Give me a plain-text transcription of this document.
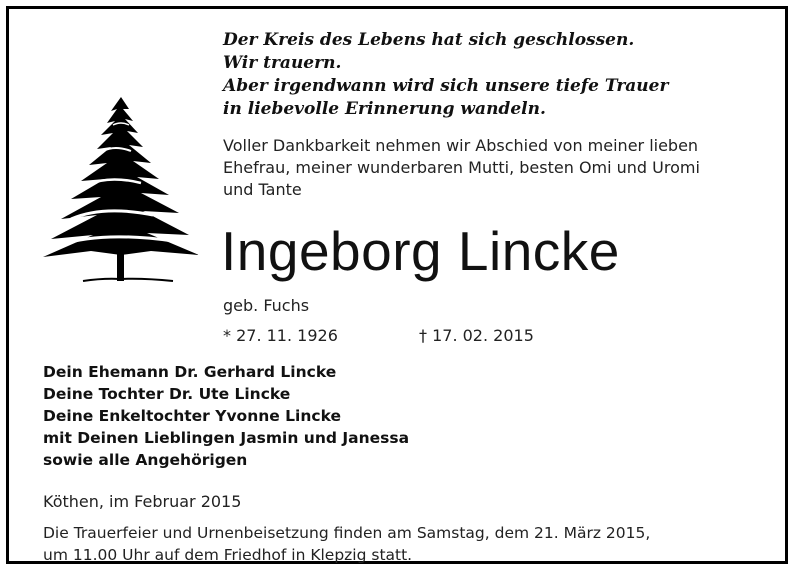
Der Kreis des Lebens hat sich geschlossen.
Wir trauern.
Aber irgendwann wird sich unsere tiefe Trauer
in liebevolle Erinnerung wandeln.
Voller Dankbarkeit nehmen wir Abschied von meiner lieben
Ehefrau, meiner wunderbaren Mutti, besten Omi und Uromi
und Tante
Ingeborg Lincke
geb. Fuchs
* 27. 11. 1926	† 17. 02. 2015
Dein Ehemann Dr. Gerhard Lincke
Deine Tochter Dr. Ute Lincke
Deine Enkeltochter Yvonne Lincke
mit Deinen Lieblingen Jasmin und Janessa
sowie alle Angehörigen
Köthen, im Februar 2015
Die Trauerfeier und Urnenbeisetzung finden am Samstag, dem 21. März 2015,
um 11.00 Uhr auf dem Friedhof in Klepzig statt.
